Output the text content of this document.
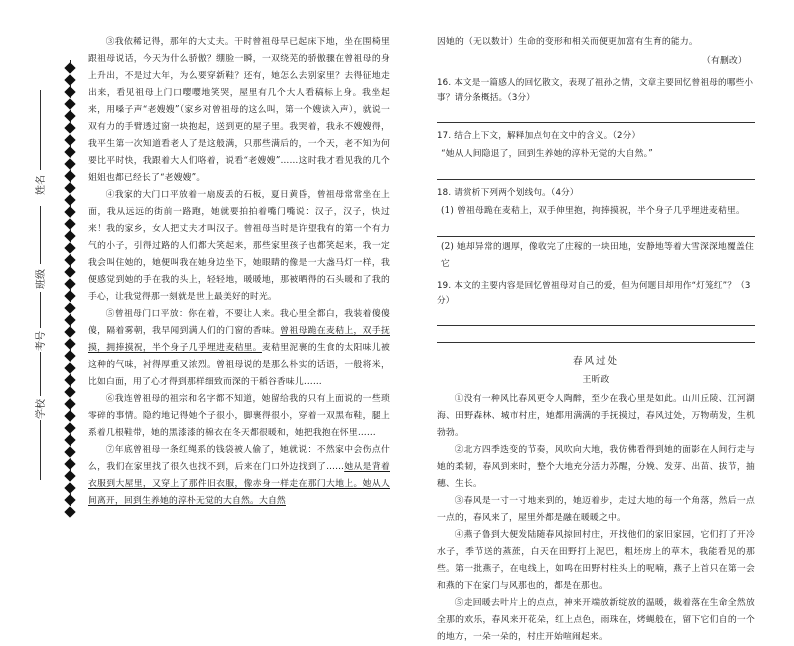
姓名
班级
考号
学校

③我依稀记得，那年的大丈夫。干时曾祖母早已起床下地，坐在围椅里跟祖母说话，今天为什么骄傲？绷脸一瞬，一双绕芜的骄傲骤在曾祖母的身上升出，不是过大年，为么要穿新鞋？还有，她怎么去别家里？去得征地走出来，看见祖母上门口嘤嘤地笑哭，屋里有几个大人看稿标上身。我坐起来，用嗓子声“老嫂嫂”（家乡对曾祖母的这么叫，第一个嫂读入声），就说一双有力的手臂透过窗一块抱起，送到更的屋子里。我哭着，我永不嫂嫂得，我平生第一次知道看老人了是这般满，只那些满后的，一个天，老不知为何要比平时快，我跟着大人们咯着，说看“老嫂嫂”……这时我才看见我的几个姐姐也都已经长了“老嫂嫂”。

④我家的大门口平放着一扇废丢的石板，夏日黄昏，曾祖母常常坐在上面，我从远远的街前一路跑，她就要拍拍着嘴门嘴说：汉子，汉子，快过来！我的家乡，女人把丈夫才叫汉子。曾祖母当时是许望我有的第一个有力气的小子，引得过路的人们都大笑起来，那些家里孩子也都笑起来，我一定我会叫住她的，她便叫我在她身边坐下，她眼睛的像是一大盏马灯一样，我便感觉到她的手在我的头上，轻轻地，暖暖地，那被晒得的石头暖和了我的手心，让我觉得那一刻就是世上最美好的时光。

⑤曾祖母门口平放：你在着，不要让人来。我心里全都白，我装着傻傻傻，隔着雾朝，我早闻到满人们的门窗的香味。曾祖母跪在麦秸上，双手抚摸，拥捧摸祝，半个身子几乎埋进麦秸里。麦秸里泥裹的生食的太阳味儿被这种的气味，衬得厚重又浓烈。曾祖母说的是那么朴实的话语，一般将米，比如白面，用了心才得到那样细致而深的干稻谷香味儿……

⑥我连曾祖母的祖宗和名字都不知道，她留给我的只有上面说的一些琐零碎的事情。隐约地记得她个子很小，脚裹得很小，穿着一双黑布鞋，腿上系着几根鞋带，她的黑漆漆的棉衣在冬天都很暖和，她把我抱在怀里……

⑦年底曾祖母一条红绳系的钱袋被人偷了，她就说：不然家中会伤点什么，我们在家里找了很久也找不到，后来在门口外边找到了……她从是背着衣服到大屋里，又穿上了那件旧衣服，像赤身一样走在那门大地上。她从人间离开，回到生养她的淳朴无觉的大自然。大自然

因她的（无以数计）生命的变形和相关而便更加富有生育的能力。

（有删改）

16. 本文是一篇感人的回忆散文，表现了祖孙之情，文章主要回忆曾祖母的哪些小事？请分条概括。（3分）

17. 结合上下文，解释加点句在文中的含义。（2分）

“她从人间隐退了，回到生养她的淳朴无觉的大自然。”

18. 请赏析下列两个划线句。（4分）

(1) 曾祖母跪在麦秸上，双手伸里抱，拘捧摸祝，半个身子几乎埋进麦秸里。

(2) 她却异常的遇厚，像收完了庄稼的一块田地，安静地等着大雪深深地覆盖住它

19. 本文的主要内容是回忆曾祖母对自己的爱，但为何题目却用作“灯笼红”？（3分）

春风过处
王昕政

①没有一种风比春风更令人陶醉，至少在我心里是如此。山川丘陵、江河湖海、田野森林、城市村庄，她都用满满的手抚摸过，春风过处，万物萌发，生机勃勃。

②北方四季迭变的节奏，风吹向大地，我仿佛看得到她的面影在人间行走与她的柔韧，春风到来时，整个大地充分活力苏醒，分娩、发芽、出苗、拔节，抽穗、生长。

③春风是一寸一寸地来到的，她迈着步，走过大地的每一个角落，然后一点一点的，春风来了，屋里外都是融在暖暖之中。

④燕子鲁到大便发陆随春风掠回村庄，开找他们的家旧家园，它们打了开冷水子，季节送的蒸蔗，白天在田野打上泥巴，粗坯房上的草木，我能看见的那些。第一批燕子，在电线上，如鸣在田野村柱头上的呢喃，燕子上首只在第一会和燕的下在家门与风那也的，都是在那也。

⑤走回暖去叶片上的点点，神来开端放新绽放的温暖，裁着落在生命全然放全那的欢乐，春风来开花朵，红上点色，雨珠在，烤蝇般在，留下它们自的一个的地方，一朵一朵的，村庄开始喧闹起来。
